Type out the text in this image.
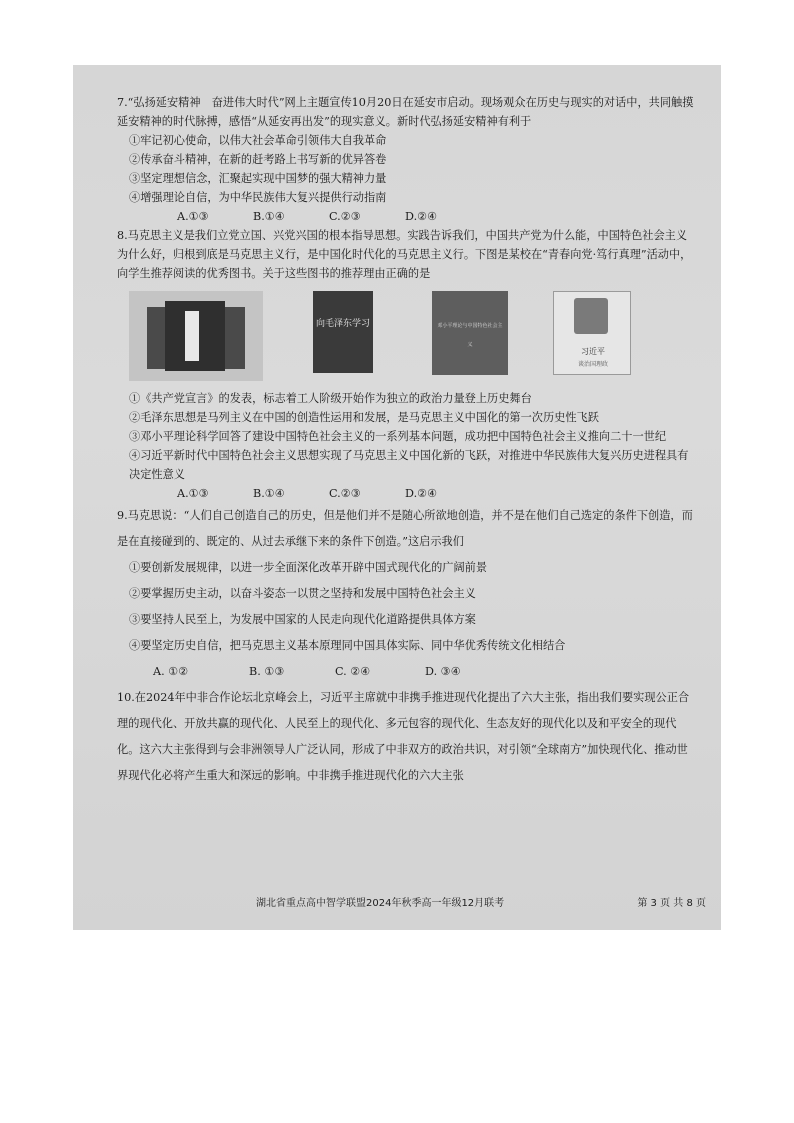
7.“弘扬延安精神　奋进伟大时代”网上主题宣传10月20日在延安市启动。现场观众在历史与现实的对话中，共同触摸延安精神的时代脉搏，感悟“从延安再出发”的现实意义。新时代弘扬延安精神有利于

①牢记初心使命，以伟大社会革命引领伟大自我革命

②传承奋斗精神，在新的赶考路上书写新的优异答卷

③坚定理想信念，汇聚起实现中国梦的强大精神力量

④增强理论自信，为中华民族伟大复兴提供行动指南

A.①③	B.①④	C.②③	D.②④

8.马克思主义是我们立党立国、兴党兴国的根本指导思想。实践告诉我们，中国共产党为什么能，中国特色社会主义为什么好，归根到底是马克思主义行，是中国化时代化的马克思主义行。下图是某校在“青春向党·笃行真理”活动中，向学生推荐阅读的优秀图书。关于这些图书的推荐理由正确的是

向毛泽东学习	邓小平理论与中国特色社会主义
习近平
谈治国理政

①《共产党宣言》的发表，标志着工人阶级开始作为独立的政治力量登上历史舞台

②毛泽东思想是马列主义在中国的创造性运用和发展，是马克思主义中国化的第一次历史性飞跃

③邓小平理论科学回答了建设中国特色社会主义的一系列基本问题，成功把中国特色社会主义推向二十一世纪

④习近平新时代中国特色社会主义思想实现了马克思主义中国化新的飞跃，对推进中华民族伟大复兴历史进程具有决定性意义

A.①③	B.①④	C.②③	D.②④

9.马克思说：“人们自己创造自己的历史，但是他们并不是随心所欲地创造，并不是在他们自己选定的条件下创造，而是在直接碰到的、既定的、从过去承继下来的条件下创造。”这启示我们

①要创新发展规律，以进一步全面深化改革开辟中国式现代化的广阔前景

②要掌握历史主动，以奋斗姿态一以贯之坚持和发展中国特色社会主义

③要坚持人民至上，为发展中国家的人民走向现代化道路提供具体方案

④要坚定历史自信，把马克思主义基本原理同中国具体实际、同中华优秀传统文化相结合

A. ①②	B. ①③	C. ②④	D. ③④

10.在2024年中非合作论坛北京峰会上，习近平主席就中非携手推进现代化提出了六大主张，指出我们要实现公正合理的现代化、开放共赢的现代化、人民至上的现代化、多元包容的现代化、生态友好的现代化以及和平安全的现代化。这六大主张得到与会非洲领导人广泛认同，形成了中非双方的政治共识，对引领“全球南方”加快现代化、推动世界现代化必将产生重大和深远的影响。中非携手推进现代化的六大主张

湖北省重点高中智学联盟2024年秋季高一年级12月联考	第 3 页 共 8 页
